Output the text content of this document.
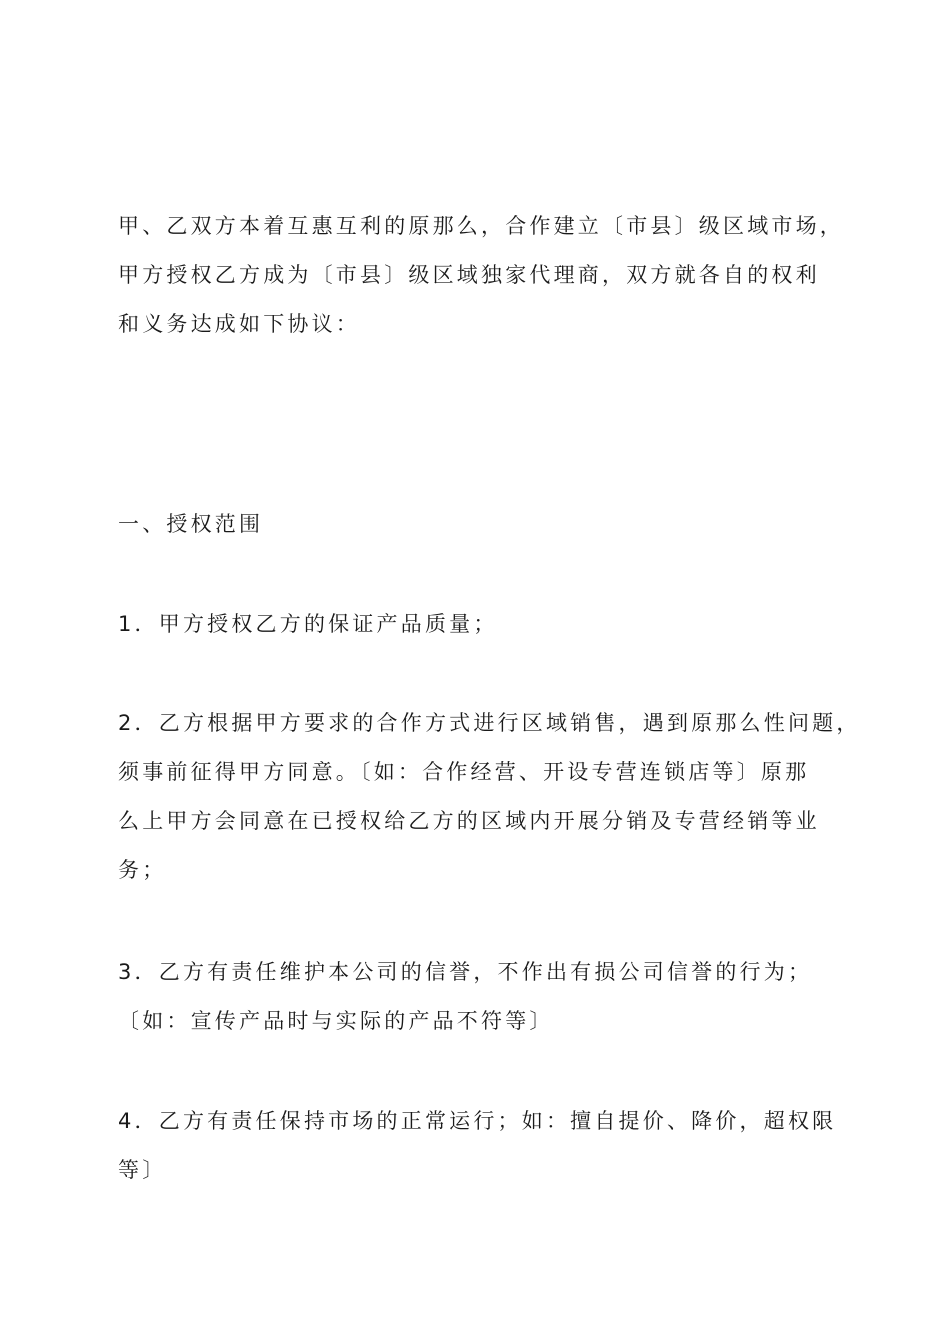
甲、乙双方本着互惠互利的原那么，合作建立〔市县〕级区域市场，
甲方授权乙方成为〔市县〕级区域独家代理商，双方就各自的权利
和义务达成如下协议：
一、授权范围
1．甲方授权乙方的保证产品质量；
2．乙方根据甲方要求的合作方式进行区域销售，遇到原那么性问题，
须事前征得甲方同意。〔如：合作经营、开设专营连锁店等〕原那
么上甲方会同意在已授权给乙方的区域内开展分销及专营经销等业
务；
3．乙方有责任维护本公司的信誉，不作出有损公司信誉的行为；
〔如：宣传产品时与实际的产品不符等〕
4．乙方有责任保持市场的正常运行；如：擅自提价、降价，超权限
等〕
